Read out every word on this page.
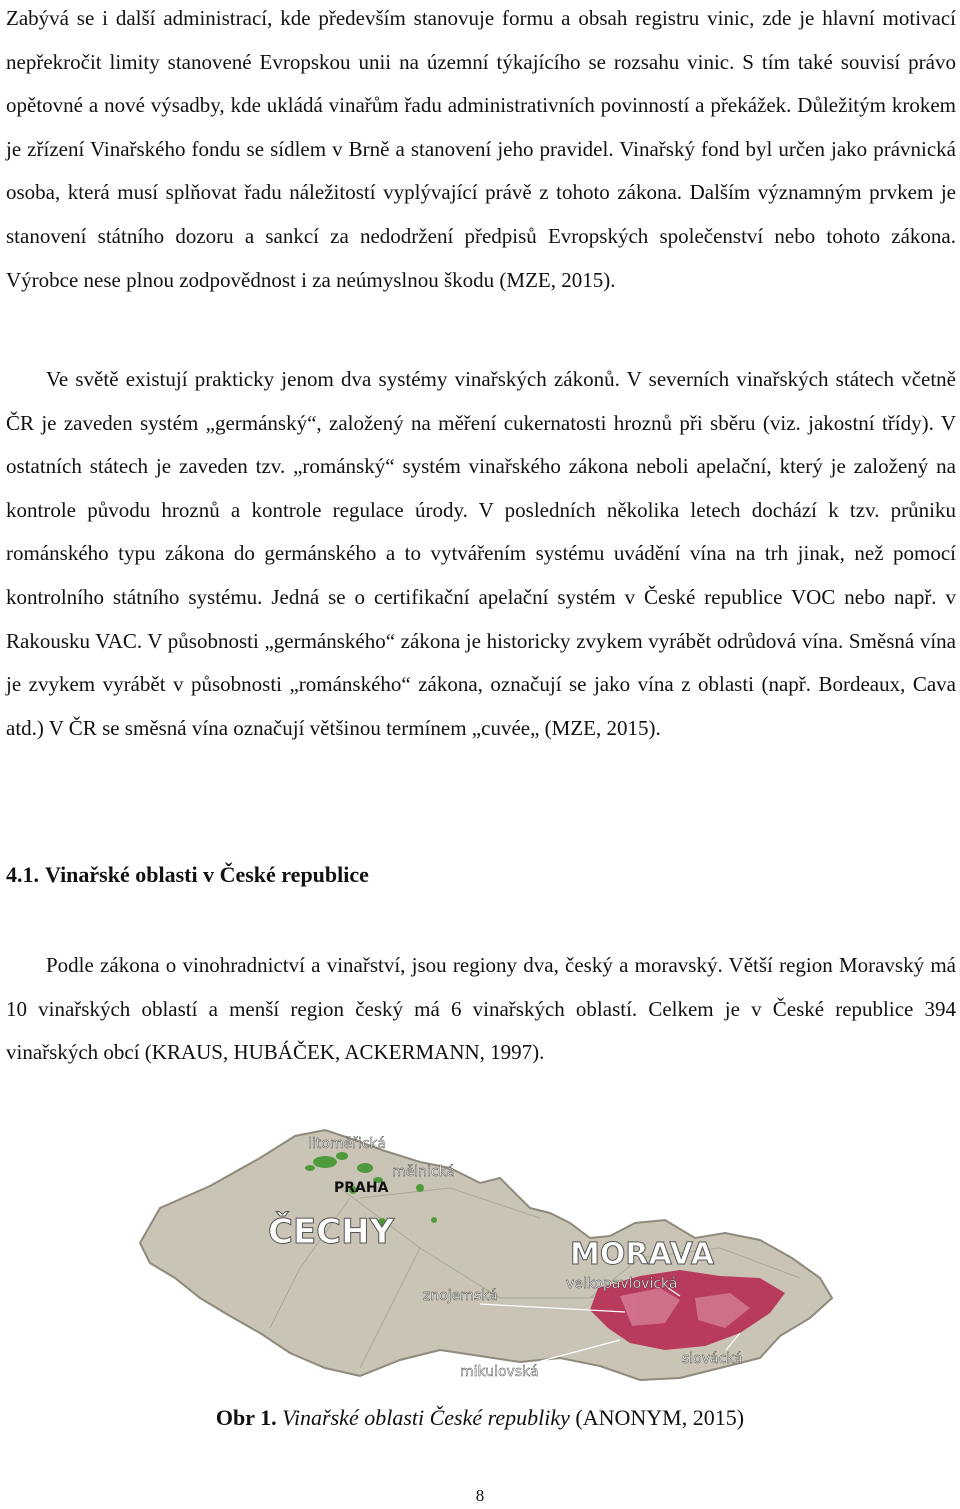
Zabývá se i další administrací, kde především stanovuje formu a obsah registru vinic, zde je hlavní motivací nepřekročit limity stanovené Evropskou unii na územní týkajícího se rozsahu vinic. S tím také souvisí právo opětovné a nové výsadby, kde ukládá vinařům řadu administrativních povinností a překážek. Důležitým krokem je zřízení Vinařského fondu se sídlem v Brně a stanovení jeho pravidel. Vinařský fond byl určen jako právnická osoba, která musí splňovat řadu náležitostí vyplývající právě z tohoto zákona. Dalším významným prvkem je stanovení státního dozoru a sankcí za nedodržení předpisů Evropských společenství nebo tohoto zákona. Výrobce nese plnou zodpovědnost i za neúmyslnou škodu (MZE, 2015).

Ve světě existují prakticky jenom dva systémy vinařských zákonů. V severních vinařských státech včetně ČR je zaveden systém „germánský“, založený na měření cukernatosti hroznů při sběru (viz. jakostní třídy). V ostatních státech je zaveden tzv. „románský“ systém vinařského zákona neboli apelační, který je založený na kontrole původu hroznů a kontrole regulace úrody. V posledních několika letech dochází k tzv. průniku románského typu zákona do germánského a to vytvářením systému uvádění vína na trh jinak, než pomocí kontrolního státního systému. Jedná se o certifikační apelační systém v České republice VOC nebo např. v Rakousku VAC. V působnosti „germánského“ zákona je historicky zvykem vyrábět odrůdová vína. Směsná vína je zvykem vyrábět v působnosti „románského“ zákona, označují se jako vína z oblasti (např. Bordeaux, Cava atd.) V ČR se směsná vína označují většinou termínem „cuvée„ (MZE, 2015).

4.1. Vinařské oblasti v České republice

Podle zákona o vinohradnictví a vinařství, jsou regiony dva, český a moravský. Větší region Moravský má 10 vinařských oblastí a menší region český má 6 vinařských oblastí. Celkem je v České republice 394 vinařských obcí (KRAUS, HUBÁČEK, ACKERMANN, 1997).

litoměřická
mělnická
PRAHA
ČECHY
MORAVA
velkopavlovická
znojemská
slovácká
mikulovská
Obr 1. Vinařské oblasti České republiky (ANONYM, 2015)
8
